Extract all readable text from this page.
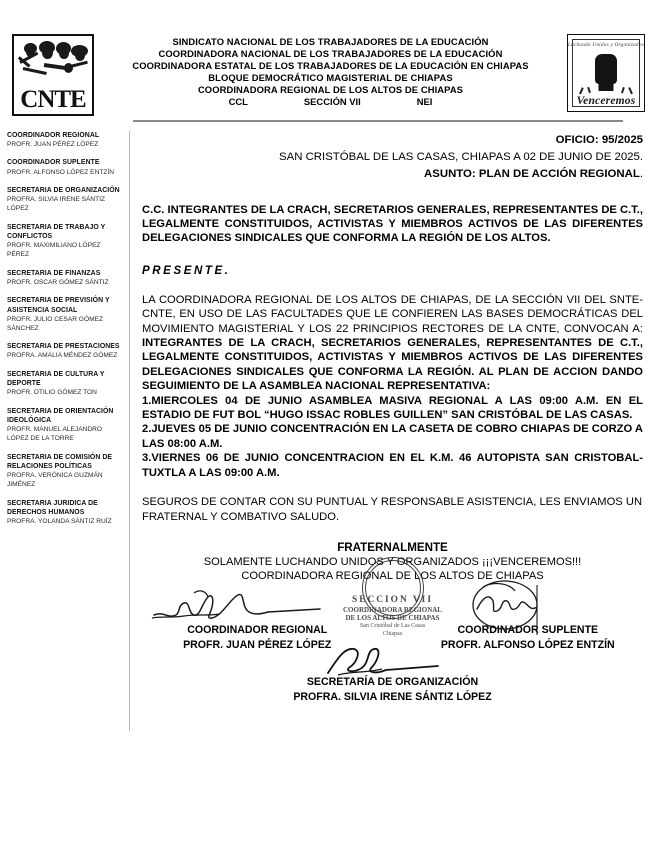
CNTE
SINDICATO NACIONAL DE LOS TRABAJADORES DE LA EDUCACIÓN
COORDINADORA NACIONAL DE LOS TRABAJADORES DE LA EDUCACIÓN
COORDINADORA ESTATAL DE LOS TRABAJADORES DE LA EDUCACIÓN EN CHIAPAS
BLOQUE DEMOCRÁTICO MAGISTERIAL DE CHIAPAS
COORDINADORA REGIONAL DE LOS ALTOS DE CHIAPAS
CCL	SECCIÓN VII	NEI
Luchando Unidos y Organizados
Venceremos
COORDINADOR REGIONAL
PROFR. JUAN PÉREZ LÓPEZ
COORDINADOR SUPLENTE
PROFR. ALFONSO LÓPEZ ENTZÍN
SECRETARIA DE ORGANIZACIÓN
PROFRA. SILVIA IRENE SÁNTIZ LÓPEZ
SECRETARIA DE TRABAJO Y CONFLICTOS
PROFR. MAXIMILIANO LÓPEZ PÉREZ
SECRETARIA DE FINANZAS
PROFR. OSCAR GÓMEZ SÁNTIZ
SECRETARIA DE PREVISIÓN Y ASISTENCIA SOCIAL
PROFR. JULIO CESAR GÓMEZ SÁNCHEZ
SECRETARIA DE PRESTACIONES
PROFRA. AMALIA MÉNDEZ GÓMEZ
SECRETARIA DE CULTURA Y DEPORTE
PROFR. OTILIO GÓMEZ TON
SECRETARIA DE ORIENTACIÓN IDEOLÓGICA
PROFR. MANUEL ALEJANDRO LÓPEZ DE LA TORRE
SECRETARIA DE COMISIÓN DE RELACIONES POLÍTICAS
PROFRA. VERÓNICA GUZMÁN JIMÉNEZ
SECRETARIA JURIDICA DE DERECHOS HUMANOS
PROFRA. YOLANDA SÁNTIZ RUÍZ
OFICIO: 95/2025
SAN CRISTÓBAL DE LAS CASAS, CHIAPAS A 02 DE JUNIO DE 2025.
ASUNTO: PLAN DE ACCIÓN REGIONAL.
C.C. INTEGRANTES DE LA CRACH, SECRETARIOS GENERALES, REPRESENTANTES DE C.T., LEGALMENTE CONSTITUIDOS, ACTIVISTAS Y MIEMBROS ACTIVOS DE LAS DIFERENTES DELEGACIONES SINDICALES QUE CONFORMA LA REGIÓN DE LOS ALTOS.
PRESENTE.
LA COORDINADORA REGIONAL DE LOS ALTOS DE CHIAPAS, DE LA SECCIÓN VII DEL SNTE-CNTE, EN USO DE LAS FACULTADES QUE LE CONFIEREN LAS BASES DEMOCRÁTICAS DEL MOVIMIENTO MAGISTERIAL Y LOS 22 PRINCIPIOS RECTORES DE LA CNTE, CONVOCAN A: INTEGRANTES DE LA CRACH, SECRETARIOS GENERALES, REPRESENTANTES DE C.T., LEGALMENTE CONSTITUIDOS, ACTIVISTAS Y MIEMBROS ACTIVOS DE LAS DIFERENTES DELEGACIONES SINDICALES QUE CONFORMA LA REGIÓN. AL PLAN DE ACCION DANDO SEGUIMIENTO DE LA ASAMBLEA NACIONAL REPRESENTATIVA:
1.MIERCOLES 04 DE JUNIO ASAMBLEA MASIVA REGIONAL A LAS 09:00 A.M. EN EL ESTADIO DE FUT BOL “HUGO ISSAC ROBLES GUILLEN” SAN CRISTÓBAL DE LAS CASAS.
2.JUEVES 05 DE JUNIO CONCENTRACIÓN EN LA CASETA DE COBRO CHIAPAS DE CORZO A LAS 08:00 A.M.
3.VIERNES 06 DE JUNIO CONCENTRACION EN EL K.M. 46 AUTOPISTA SAN CRISTOBAL-TUXTLA A LAS 09:00 A.M.
SEGUROS DE CONTAR CON SU PUNTUAL Y RESPONSABLE ASISTENCIA, LES ENVIAMOS UN FRATERNAL Y COMBATIVO SALUDO.
FRATERNALMENTE
SOLAMENTE LUCHANDO UNIDOS Y ORGANIZADOS ¡¡¡VENCEREMOS!!!
COORDINADORA REGIONAL DE LOS ALTOS DE CHIAPAS
SECCION VII
COORDINADORA REGIONAL
DE LOS ALTOS DE CHIAPAS
San Cristóbal de Las Casas
Chiapas
COORDINADOR REGIONAL
PROFR. JUAN PÉREZ LÓPEZ
COORDINADOR SUPLENTE
PROFR. ALFONSO LÓPEZ ENTZÍN
SECRETARÍA DE ORGANIZACIÓN
PROFRA. SILVIA IRENE SÁNTIZ LÓPEZ
